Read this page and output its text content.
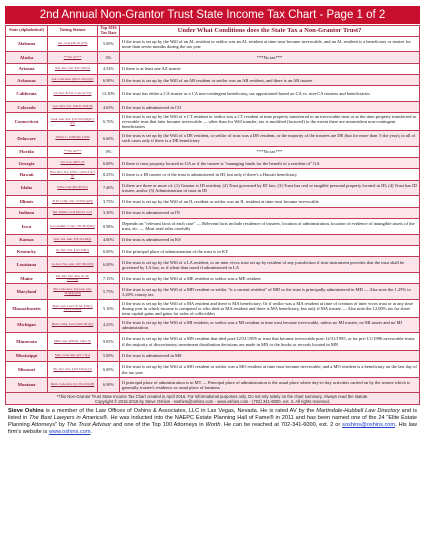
2nd Annual Non-Grantor Trust State Income Tax Chart - Page 1 of 2
State (alphabetical)	Taxing Statute	Top 2016 Tax Rate	Under What Conditions does the State Tax a Non-Grantor Trust?
Alabama	Ala. Code §40-18-1(33)	5.00%	If the trust is set up by the Will of an AL resident or settlor was an AL resident at time trust became irrevocable, and an AL resident is a beneficiary or trustee for more than seven months during the tax year
Alaska	***No tax***	0%	***No tax***
Arizona	Ariz. Rev. Stat. §43-1301(5)	4.54%	If there is at least one AZ trustee
Arkansas	Ark. Code Ann. §26-51-201(a)(2)	6.90%	If the trust is set up by the Will of an AR resident or settlor was an AR resident, and there is an AR trustee
California	Cal. Rev. & Tax. Code §17742	13.30%	If the trust has either a CA trustee or a CA non-contingent beneficiary, tax apportioned based on CA vs. non-CA trustees and beneficiaries
Colorado	Colo. Rev. Stat. §39-22-103(10)	4.63%	If the trust is administered in CO
Connecticut	Conn. Gen. Stat. §12-701(a)(4)(C)-(D)	6.70%	If the trust is set up by the Will of a CT resident or settlor was a CT resident at time property transferred to an irrevocable trust or at the time property transferred to revocable trust that later became irrevocable — other than for Will transfer, tax is modified (factored) to the extent there are nonresident non-contingent beneficiaries
Delaware	30 Del. C. §1601(8); §1636	6.60%	If the trust is set up by the Will of a DE resident, or settlor of trust was a DE resident, or the majority of the trustees are DE (but for more than ½ the year); in all of such cases only if there is a DE beneficiary
Florida	***No tax***	0%	***No tax***
Georgia	O.C.G.A. §48-7-22	6.00%	If there is trust property located in GA or if the trustee is "managing funds for the benefit of a resident of" GA
Hawaii	Haw. Rev. Stat. §235-1; §235-2.3(c)(1)	8.25%	If there is a HI trustee or if the trust is administered in HI, but only if there's a Hawaii beneficiary
Idaho	Idaho Code §63-3015(2)	7.40%	If there are three or more of: (1) Grantor is ID resident; (2) Trust governed by ID law; (3) Trust has real or tangible personal property located in ID; (4) Trust has ID trustee; and/or (5) Administration of trust in ID
Illinois	35 Ill. Comp. Stat. 5/1501(a)(20)	3.75%	If the trust is set up by the Will of an IL resident or settlor was an IL resident at time trust became irrevocable
Indiana	Ind. Admin. Code §45-3.1-1-12	3.30%	If the trust is administered in IN
Iowa	Iowa Admin. Code r. 701-89.3(422)	8.98%	Depends on "relevant facts of each case" — Relevant facts include residence of trustees, location of administration, location of evidence of intangible assets of the trust, etc. — Must read rules carefully
Kansas	Kan. Stat. Ann. §79-32,109(d)	4.60%	If the trust is administered in KS
Kentucky	Ky. Rev. Stat. §141.030(1)	6.00%	If the principal place of administration of the trust is in KY
Louisiana	La. Rev. Stat. Ann. §47:300.10(3)	6.00%	If the trust is set up by the Will of a LA resident, or an inter vivos trust set up by resident of any jurisdiction if trust instrument provides that the trust shall be governed by LA law, or if silent than taxed if administered in LA
Maine	Me. Rev. Stat. Ann. tit. 36, §5102(4)	7.15%	If the trust is set up by the Will of a ME resident or settlor was a ME resident
Maryland	Md. Code Ann., Tax-Gen. §10-101(k)(1)(iii)	5.75%	If the trust is set up by the Will of a MD resident or settlor "is a current resident" of MD or the trust is principally administered in MD — Also note the 1.25% to 3.20% county tax
Massachusetts	Mass. Gen. Laws ch. 62, §10(c); Priory Charity	5.10%	If the trust is set up by the Will of a MA resident and there is MA beneficiary; Or if settlor was a MA resident at time of creation of inter vivos trust or at any time during year in which income is computed or who died as MA resident and there is MA beneficiary, but only if MA trustee — Also note the 12.00% tax for short-term capital gains and gains for sales of collectibles
Michigan	Mich. Comp. Laws §206.18(1)(c)	4.25%	If the trust is set up by the Will of a MI resident; or settlor was a MI resident at time trust became irrevocable, unless no MI trustee, no MI assets and no MI administration
Minnesota	Minn. Stat. §290.01, Subd. 7b	9.85%	If the trust is set up by the Will of a MN resident that died post-12/31/1995 or trust that became irrevocable post-12/31/1995, or for pre-1/1/1996 irrevocable trusts if the majority of discretionary investment distribution decisions are made in MN or the books or records located in MN
Mississippi	Miss. Code Ann. §27-7-5(1)	5.00%	If the trust is administered in MS
Missouri	Mo. Rev. Stat. §143.331(2)-(3)	6.00%	If the trust is set up by the Will of a MO resident or settlor was a MO resident at time trust became irrevocable, and a MO resident is a beneficiary on the last day of the tax year
Montana	Mont. Code Ann. §15-30-2101(28)	6.90%	If principal place of administration is in MT — Principal place of administration is the usual place where day-to-day activities carried on by the trustee which is generally trustee's residence or usual place of business
*This Non-Grantor Trust State Income Tax Chart created in April 2016. For informational purposes only. Do not rely solely on the chart summary. Always read the statute.
Copyright © 2015-2016 by Steve Oshins - soshins@oshins.com - www.oshins.com - (702) 341-6000, ext. 2. All rights reserved.
Steve Oshins is a member of the Law Offices of Oshins & Associates, LLC in Las Vegas, Nevada. He is rated AV by the Martindale-Hubbell Law Directory and is listed in The Best Lawyers in America®. He was inducted into the NAEPC Estate Planning Hall of Fame® in 2011 and has been named one of the 24 "Elite Estate Planning Attorneys" by The Trust Advisor and one of the Top 100 Attorneys in Worth. He can be reached at 702-341-6000, ext. 2 or soshins@oshins.com. His law firm's website is www.oshins.com.
